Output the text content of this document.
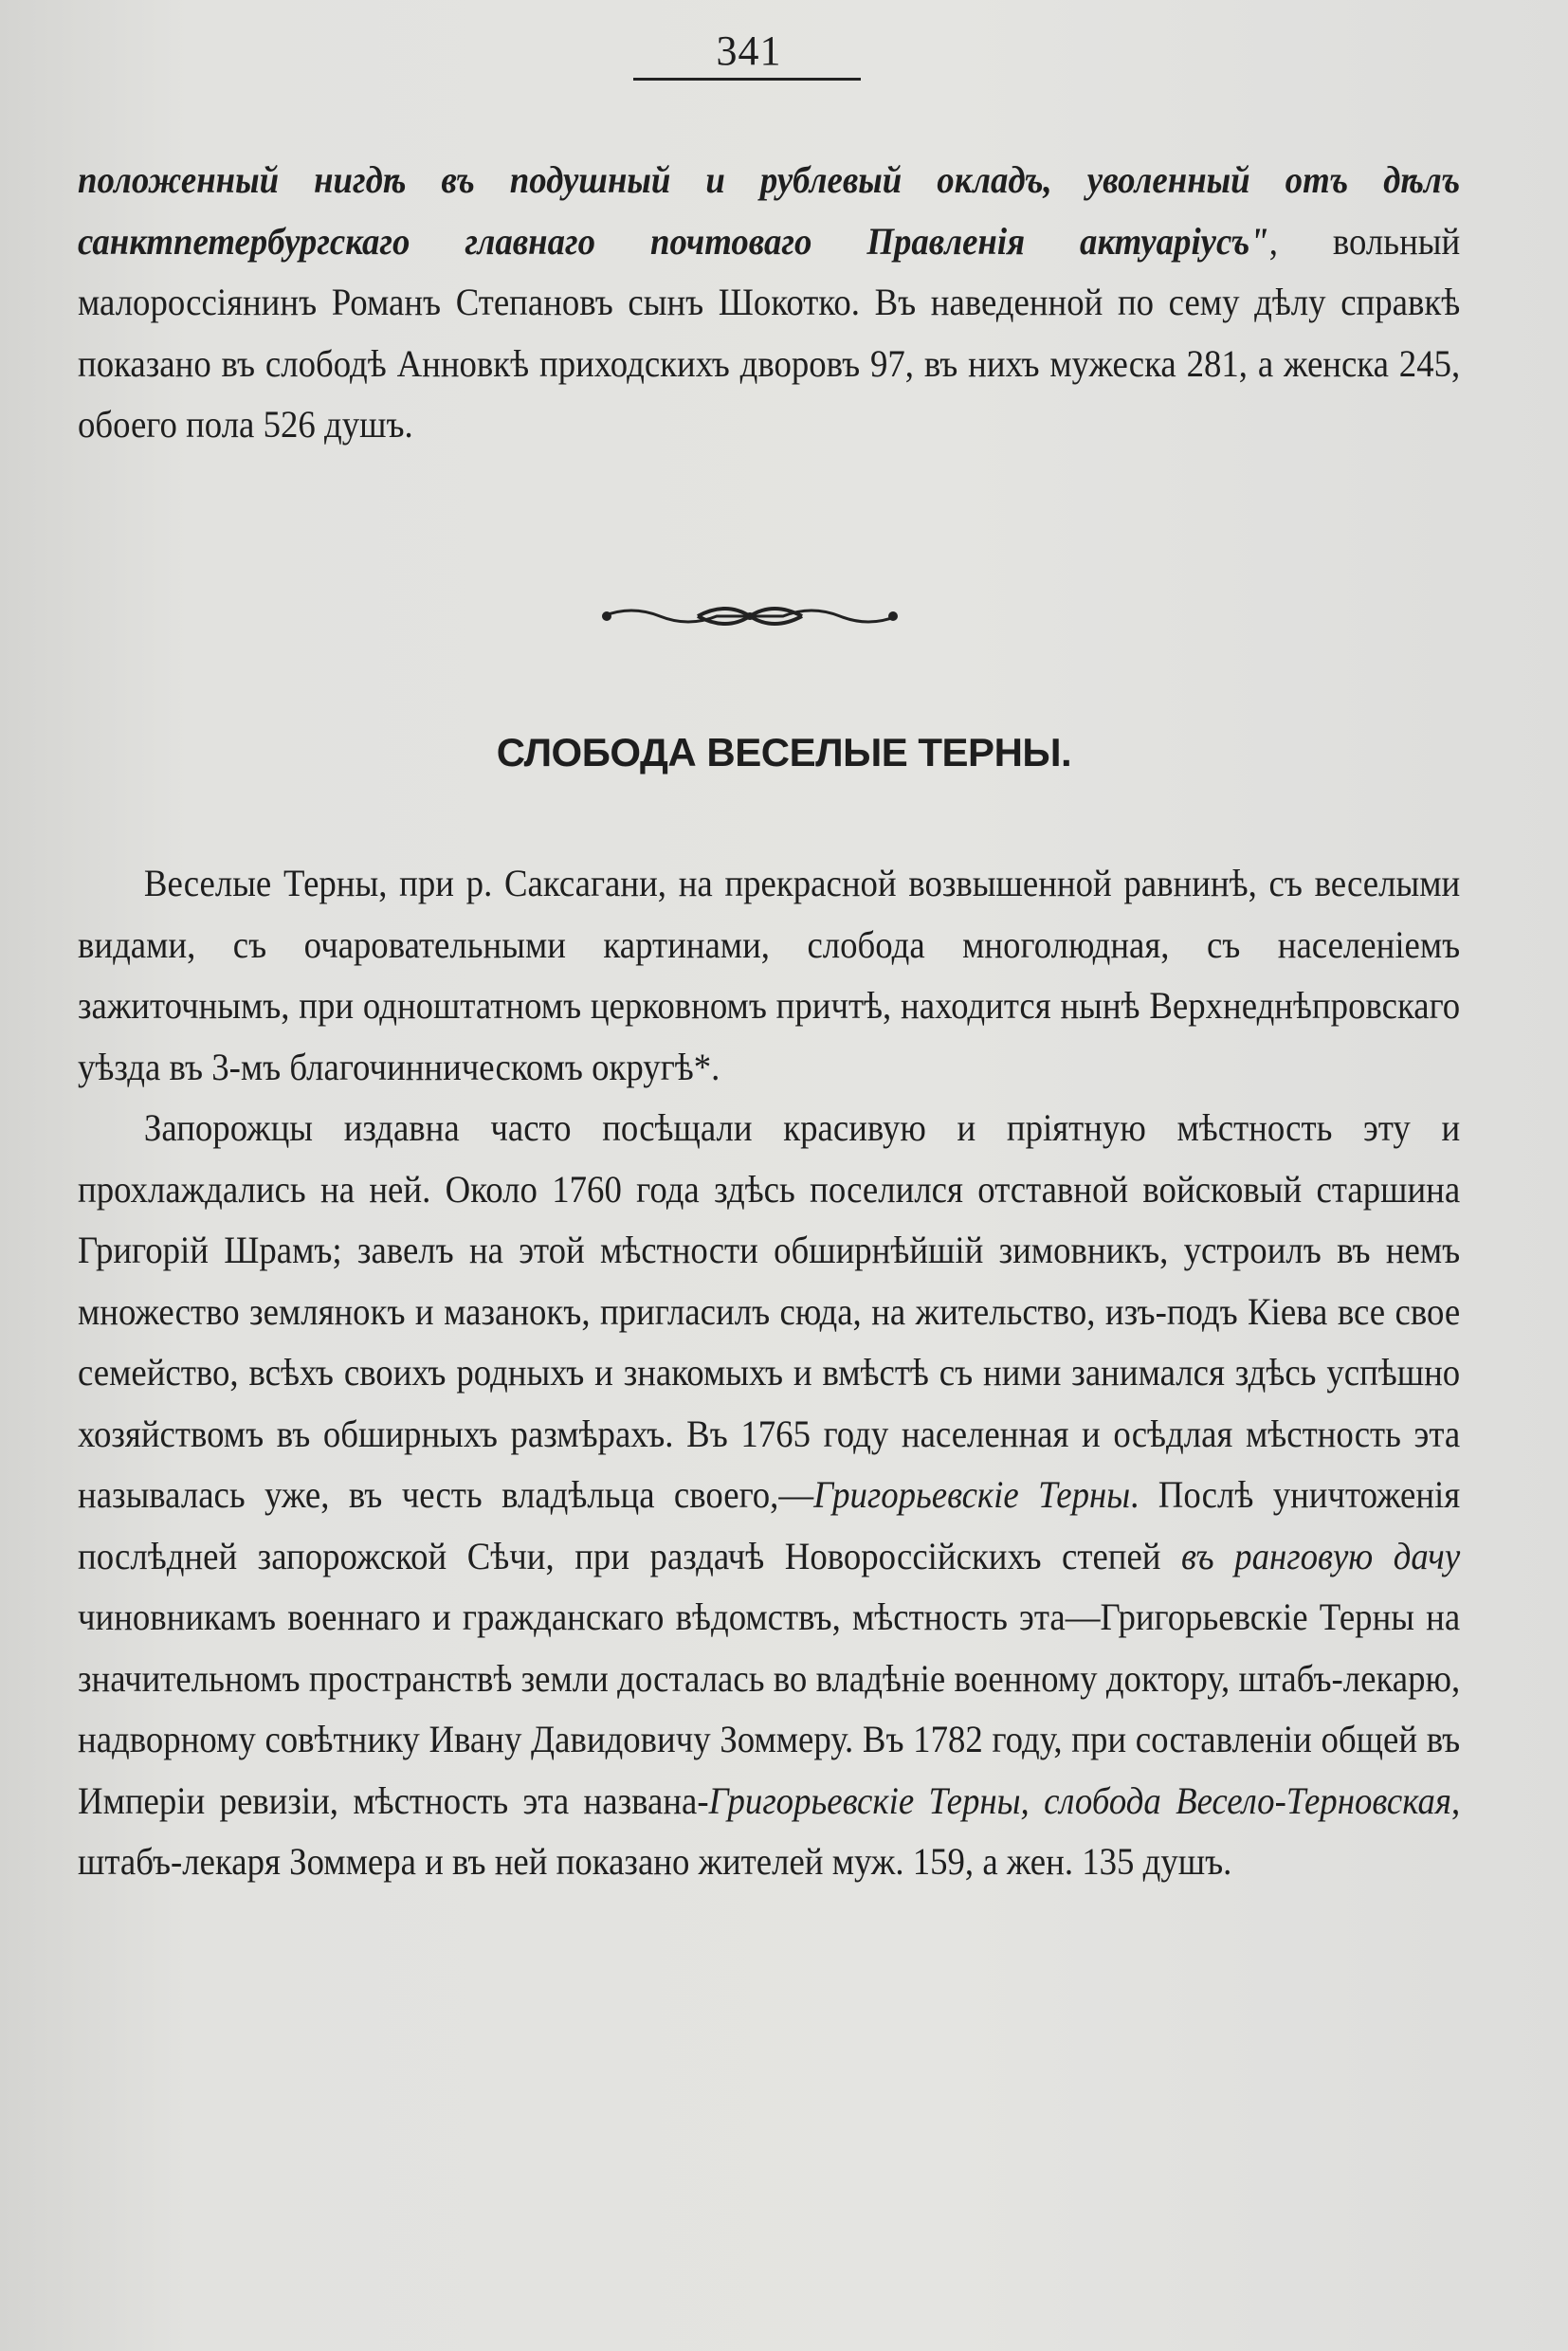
341

положенный нигдѣ въ подушный и рублевый окладъ, уволенный отъ дѣлъ санктпетербургскаго главнаго почтоваго Правленія актуаріусъ", вольный малороссіянинъ Романъ Степановъ сынъ Шокотко. Въ наведенной по сему дѣлу справкѣ показано въ слободѣ Анновкѣ приходскихъ дворовъ 97, въ нихъ мужеска 281, а женска 245, обоего пола 526 душъ.

СЛОБОДА ВЕСЕЛЫЕ ТЕРНЫ.

Веселые Терны, при р. Саксагани, на прекрасной возвышенной равнинѣ, съ веселыми видами, съ очаровательными картинами, слобода многолюдная, съ населеніемъ зажиточнымъ, при одноштатномъ церковномъ причтѣ, находится нынѣ Верхнеднѣпровскаго уѣзда въ 3-мъ благочинническомъ округѣ*.

Запорожцы издавна часто посѣщали красивую и пріятную мѣстность эту и прохлаждались на ней. Около 1760 года здѣсь поселился отставной войсковый старшина Григорій Шрамъ; завелъ на этой мѣстности обширнѣйшій зимовникъ, устроилъ въ немъ множество землянокъ и мазанокъ, пригласилъ сюда, на жительство, изъ-подъ Кіева все свое семейство, всѣхъ своихъ родныхъ и знакомыхъ и вмѣстѣ съ ними занимался здѣсь успѣшно хозяйствомъ въ обширныхъ размѣрахъ. Въ 1765 году населенная и осѣдлая мѣстность эта называлась уже, въ честь владѣльца своего,—Григорьевскіе Терны. Послѣ уничтоженія послѣдней запорожской Сѣчи, при раздачѣ Новороссійскихъ степей въ ранговую дачу чиновникамъ военнаго и гражданскаго вѣдомствъ, мѣстность эта—Григорьевскіе Терны на значительномъ пространствѣ земли досталась во владѣніе военному доктору, штабъ-лекарю, надворному совѣтнику Ивану Давидовичу Зоммеру. Въ 1782 году, при составленіи общей въ Имперіи ревизіи, мѣстность эта названа-Григорьевскіе Терны, слобода Весело-Терновская, штабъ-лекаря Зоммера и въ ней показано жителей муж. 159, а жен. 135 душъ.
